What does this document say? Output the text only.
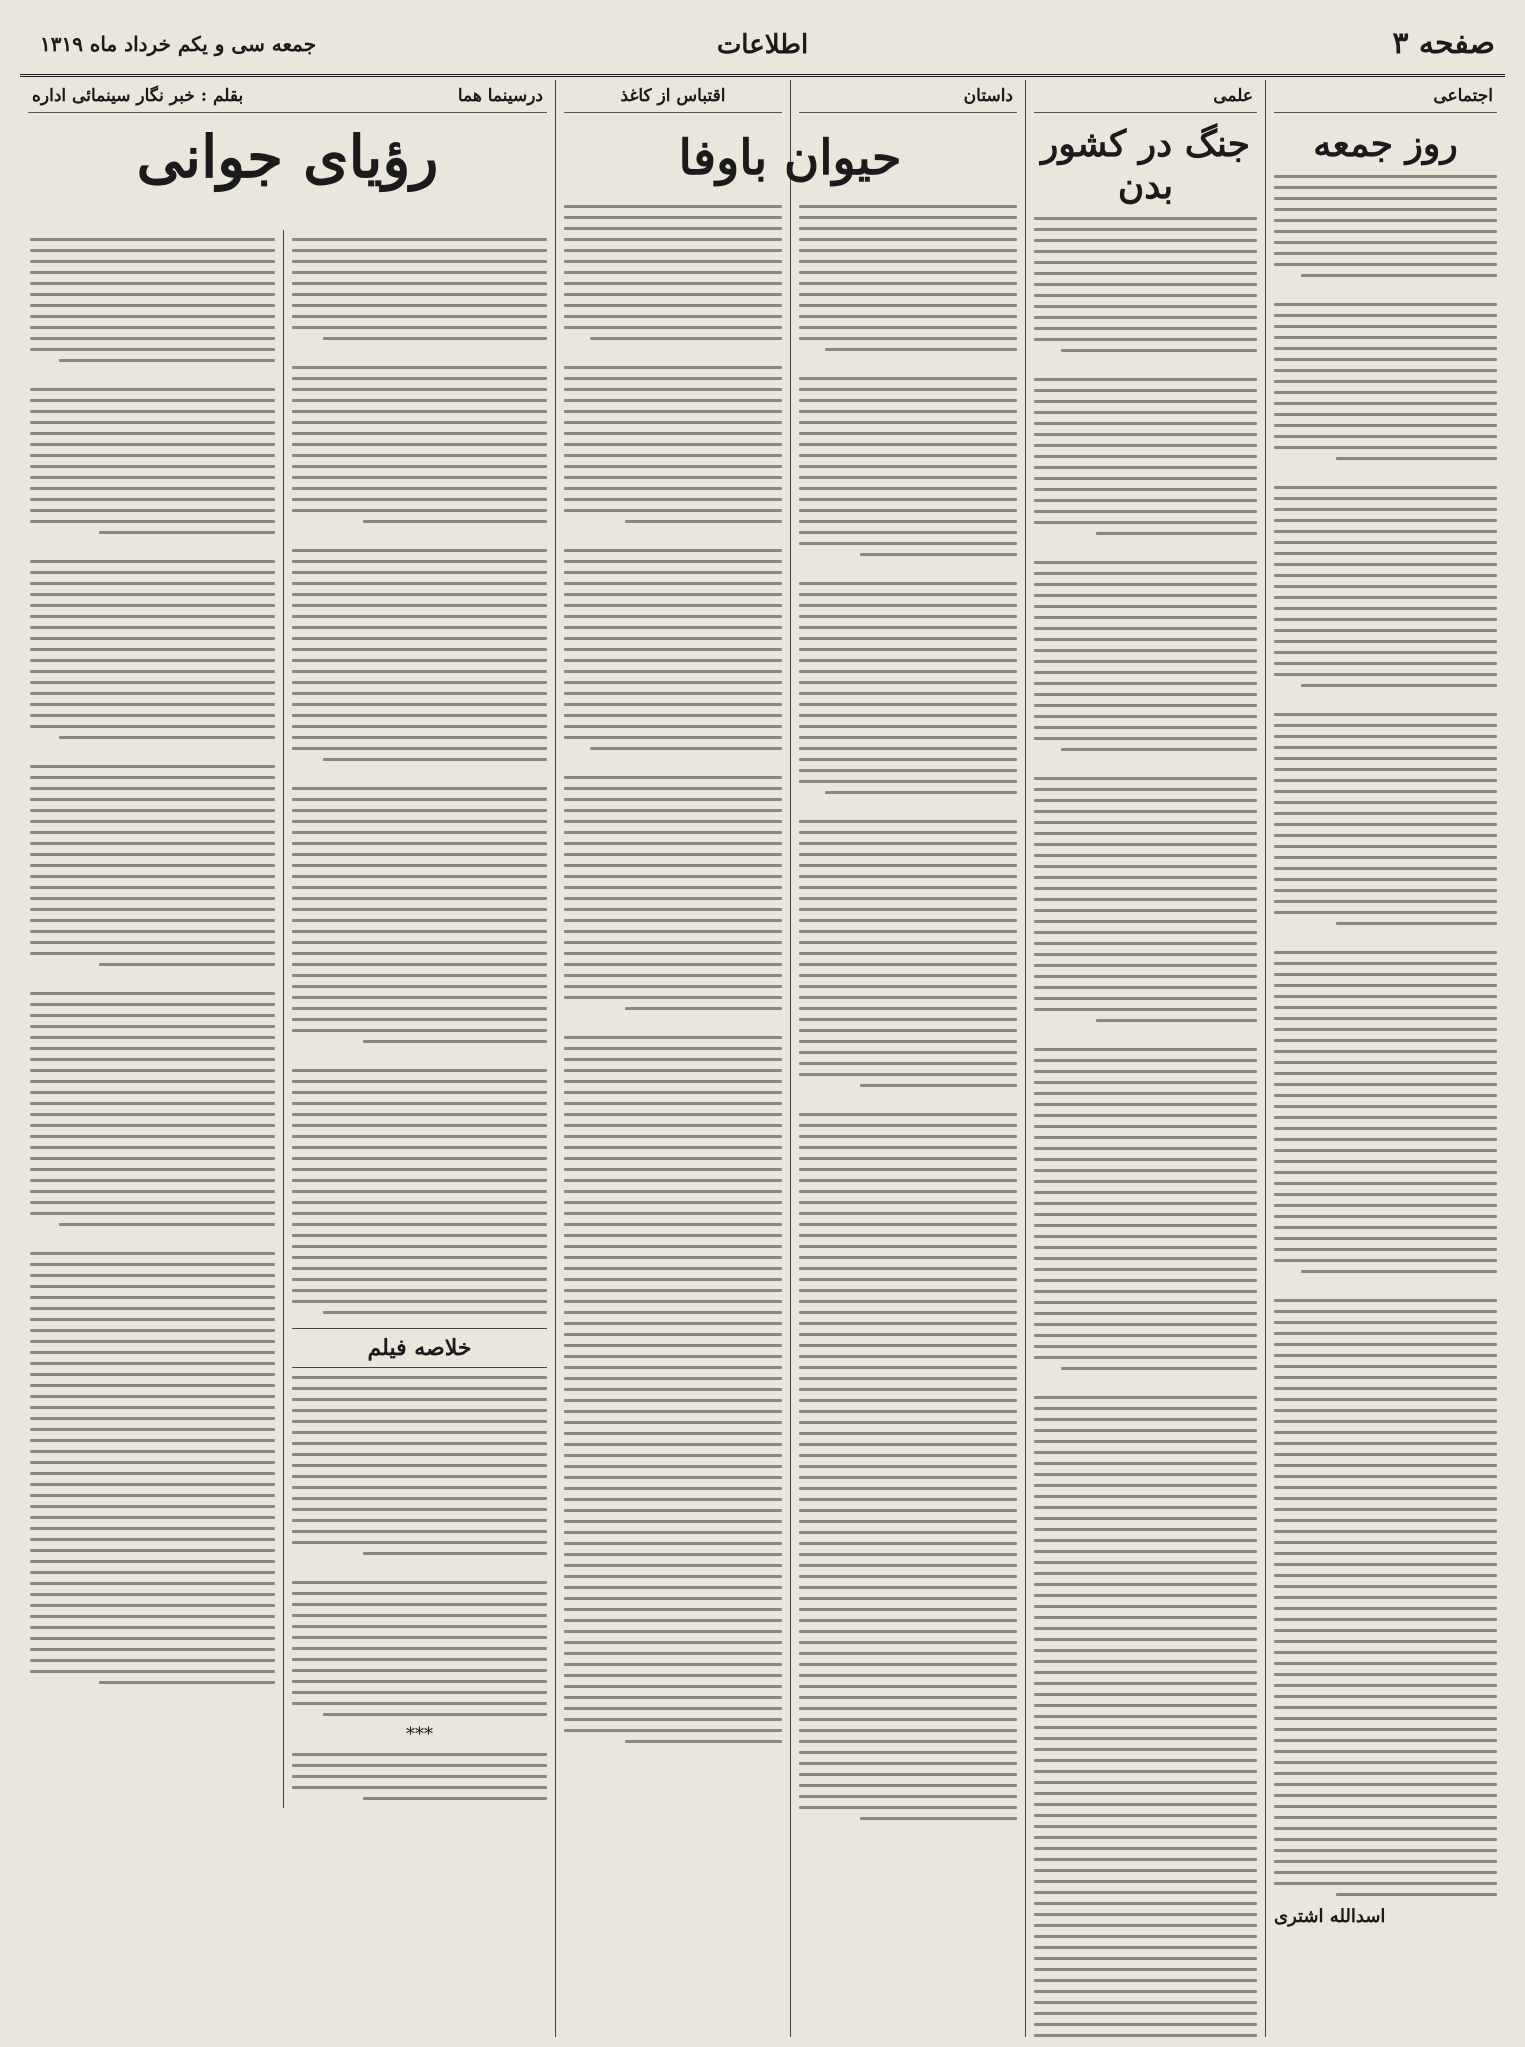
صفحه ۳
اطلاعات
جمعه سی و یکم خرداد ماه ۱۳۱۹
اجتماعی
روز جمعه
اسدالله اشتری
علمی
جنگ در کشور بدن
داستان
حیوان باوفا
اقتباس از کاغذ
درسینما هما
بقلم : خبر نگار سینمائی اداره
رؤیای جوانی
خلاصه فیلم
***
